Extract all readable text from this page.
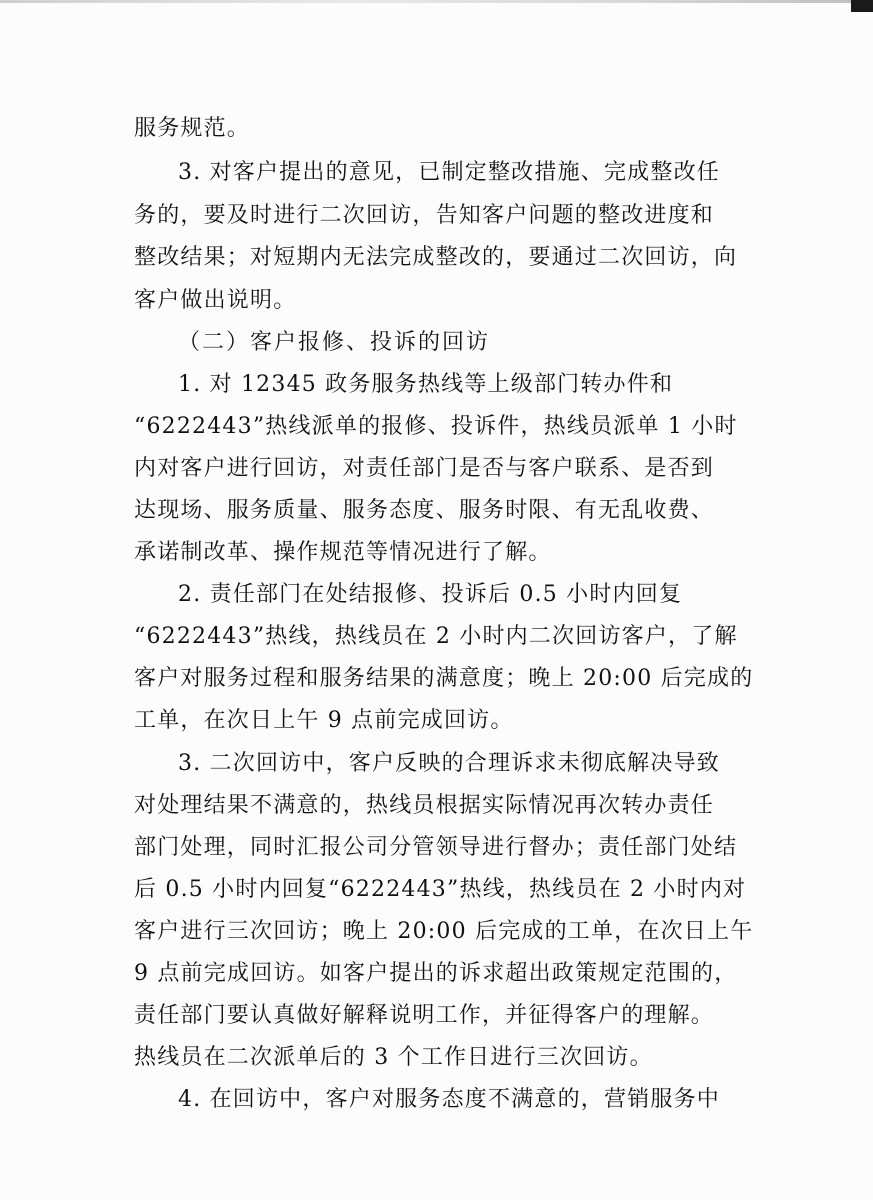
服务规范。
3. 对客户提出的意见，已制定整改措施、完成整改任
务的，要及时进行二次回访，告知客户问题的整改进度和
整改结果；对短期内无法完成整改的，要通过二次回访，向
客户做出说明。
（二）客户报修、投诉的回访
1. 对 12345 政务服务热线等上级部门转办件和
“6222443”热线派单的报修、投诉件，热线员派单 1 小时
内对客户进行回访，对责任部门是否与客户联系、是否到
达现场、服务质量、服务态度、服务时限、有无乱收费、
承诺制改革、操作规范等情况进行了解。
2. 责任部门在处结报修、投诉后 0.5 小时内回复
“6222443”热线，热线员在 2 小时内二次回访客户，了解
客户对服务过程和服务结果的满意度；晚上 20:00 后完成的
工单，在次日上午 9 点前完成回访。
3. 二次回访中，客户反映的合理诉求未彻底解决导致
对处理结果不满意的，热线员根据实际情况再次转办责任
部门处理，同时汇报公司分管领导进行督办；责任部门处结
后 0.5 小时内回复“6222443”热线，热线员在 2 小时内对
客户进行三次回访；晚上 20:00 后完成的工单，在次日上午
9 点前完成回访。如客户提出的诉求超出政策规定范围的，
责任部门要认真做好解释说明工作，并征得客户的理解。
热线员在二次派单后的 3 个工作日进行三次回访。
4. 在回访中，客户对服务态度不满意的，营销服务中
